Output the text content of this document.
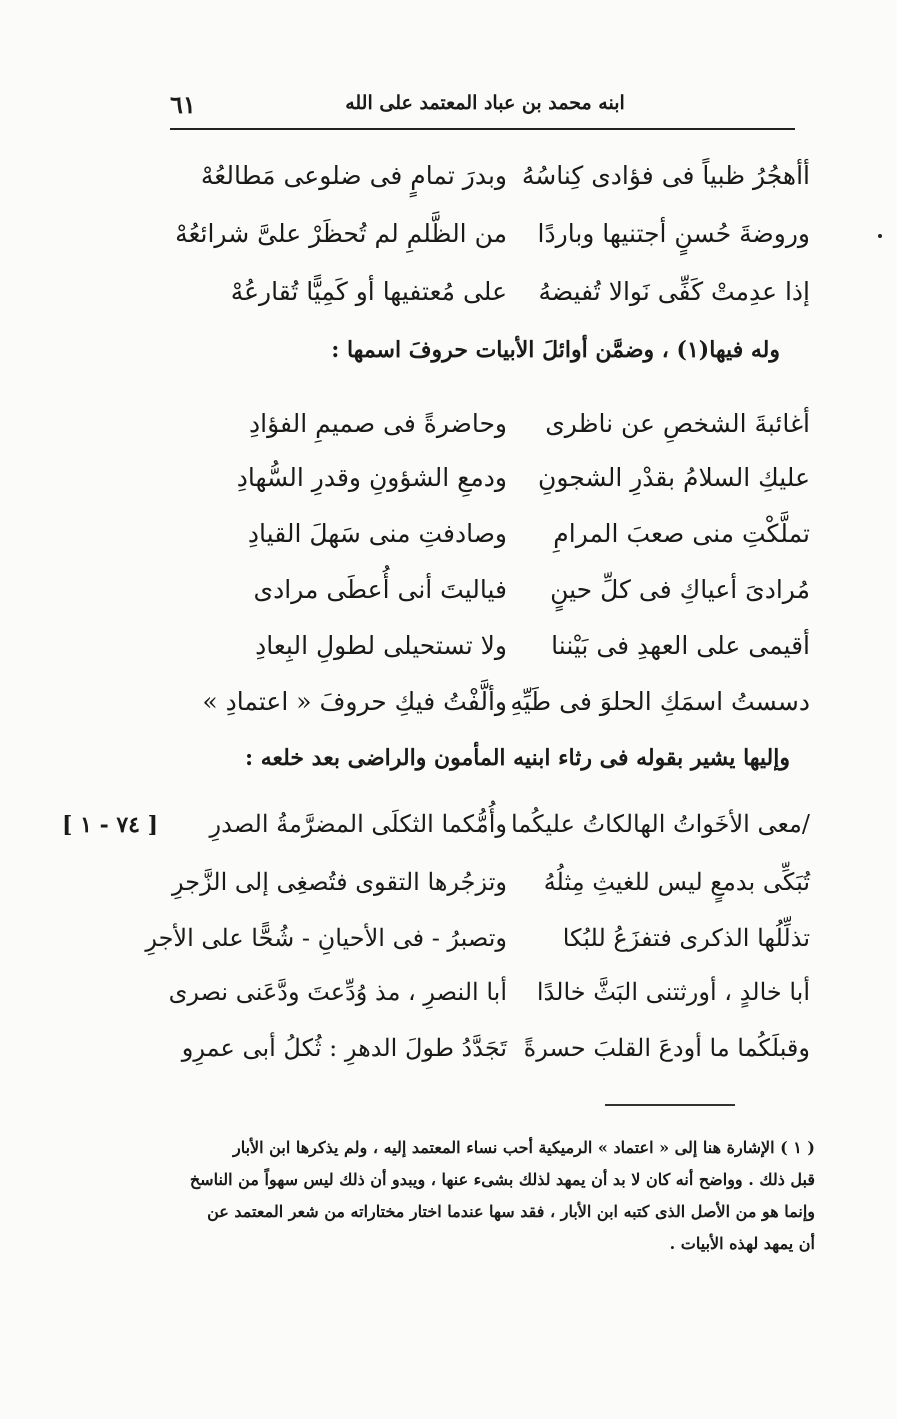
٦١	ابنه محمد بن عباد المعتمد على الله
أأهجُرُ ظبياً فى فؤادى كِناسُهُ
وبدرَ تمامٍ فى ضلوعى مَطالعُهْ
وروضةَ حُسنٍ أجتنيها وباردًا
من الظَّلمِ لم تُحظَرْ علىَّ شرائعُهْ
إذا عدِمتْ كَفِّى نَوالا تُفيضهُ
على مُعتفيها أو كَمِيًّا تُقارعُهْ
وله فيها(١) ، وضمَّن أوائلَ الأبيات حروفَ اسمها :
أغائبةَ الشخصِ عن ناظرى
وحاضرةً فى صميمِ الفؤادِ
عليكِ السلامُ بقدْرِ الشجونِ
ودمعِ الشؤونِ وقدرِ السُّهادِ
تملَّكْتِ منى صعبَ المرامِ
وصادفتِ منى سَهلَ القيادِ
مُرادىَ أعياكِ فى كلِّ حينٍ
فياليتَ أنى أُعطَى مرادى
أقيمى على العهدِ فى بَيْننا
ولا تستحيلى لطولِ البِعادِ
دسستُ اسمَكِ الحلوَ فى طَيِّهِ
وألَّفْتُ فيكِ حروفَ « اعتمادِ »
وإليها يشير بقوله فى رثاء ابنيه المأمون والراضى بعد خلعه :
[ ٧٤ - ١ ]	/معى الأخَواتُ الهالكاتُ عليكُما
وأُمُّكما الثكلَى المضرَّمةُ الصدرِ
تُبَكِّى بدمعٍ ليس للغيثِ مِثلُهُ
وتزجُرها التقوى فتُصغِى إلى الزَّجرِ
تذلِّلُها الذكرى فتفزَعُ للبُكا
وتصبرُ - فى الأحيانِ - شُحًّا على الأجرِ
أبا خالدٍ ، أورثتنى البَثَّ خالدًا
أبا النصرِ ، مذ وُدِّعتَ ودَّعَنى نصرى
وقبلَكُما ما أودعَ القلبَ حسرةً
تَجَدَّدُ طولَ الدهرِ : ثُكلُ أبى عمرِو
( ١ ) الإشارة هنا إلى « اعتماد » الرميكية أحب نساء المعتمد إليه ، ولم يذكرها ابن الأبار
قبل ذلك . وواضح أنه كان لا بد أن يمهد لذلك بشىء عنها ، ويبدو أن ذلك ليس سهواً من الناسخ
وإنما هو من الأصل الذى كتبه ابن الأبار ، فقد سها عندما اختار مختاراته من شعر المعتمد عن
أن يمهد لهذه الأبيات .
